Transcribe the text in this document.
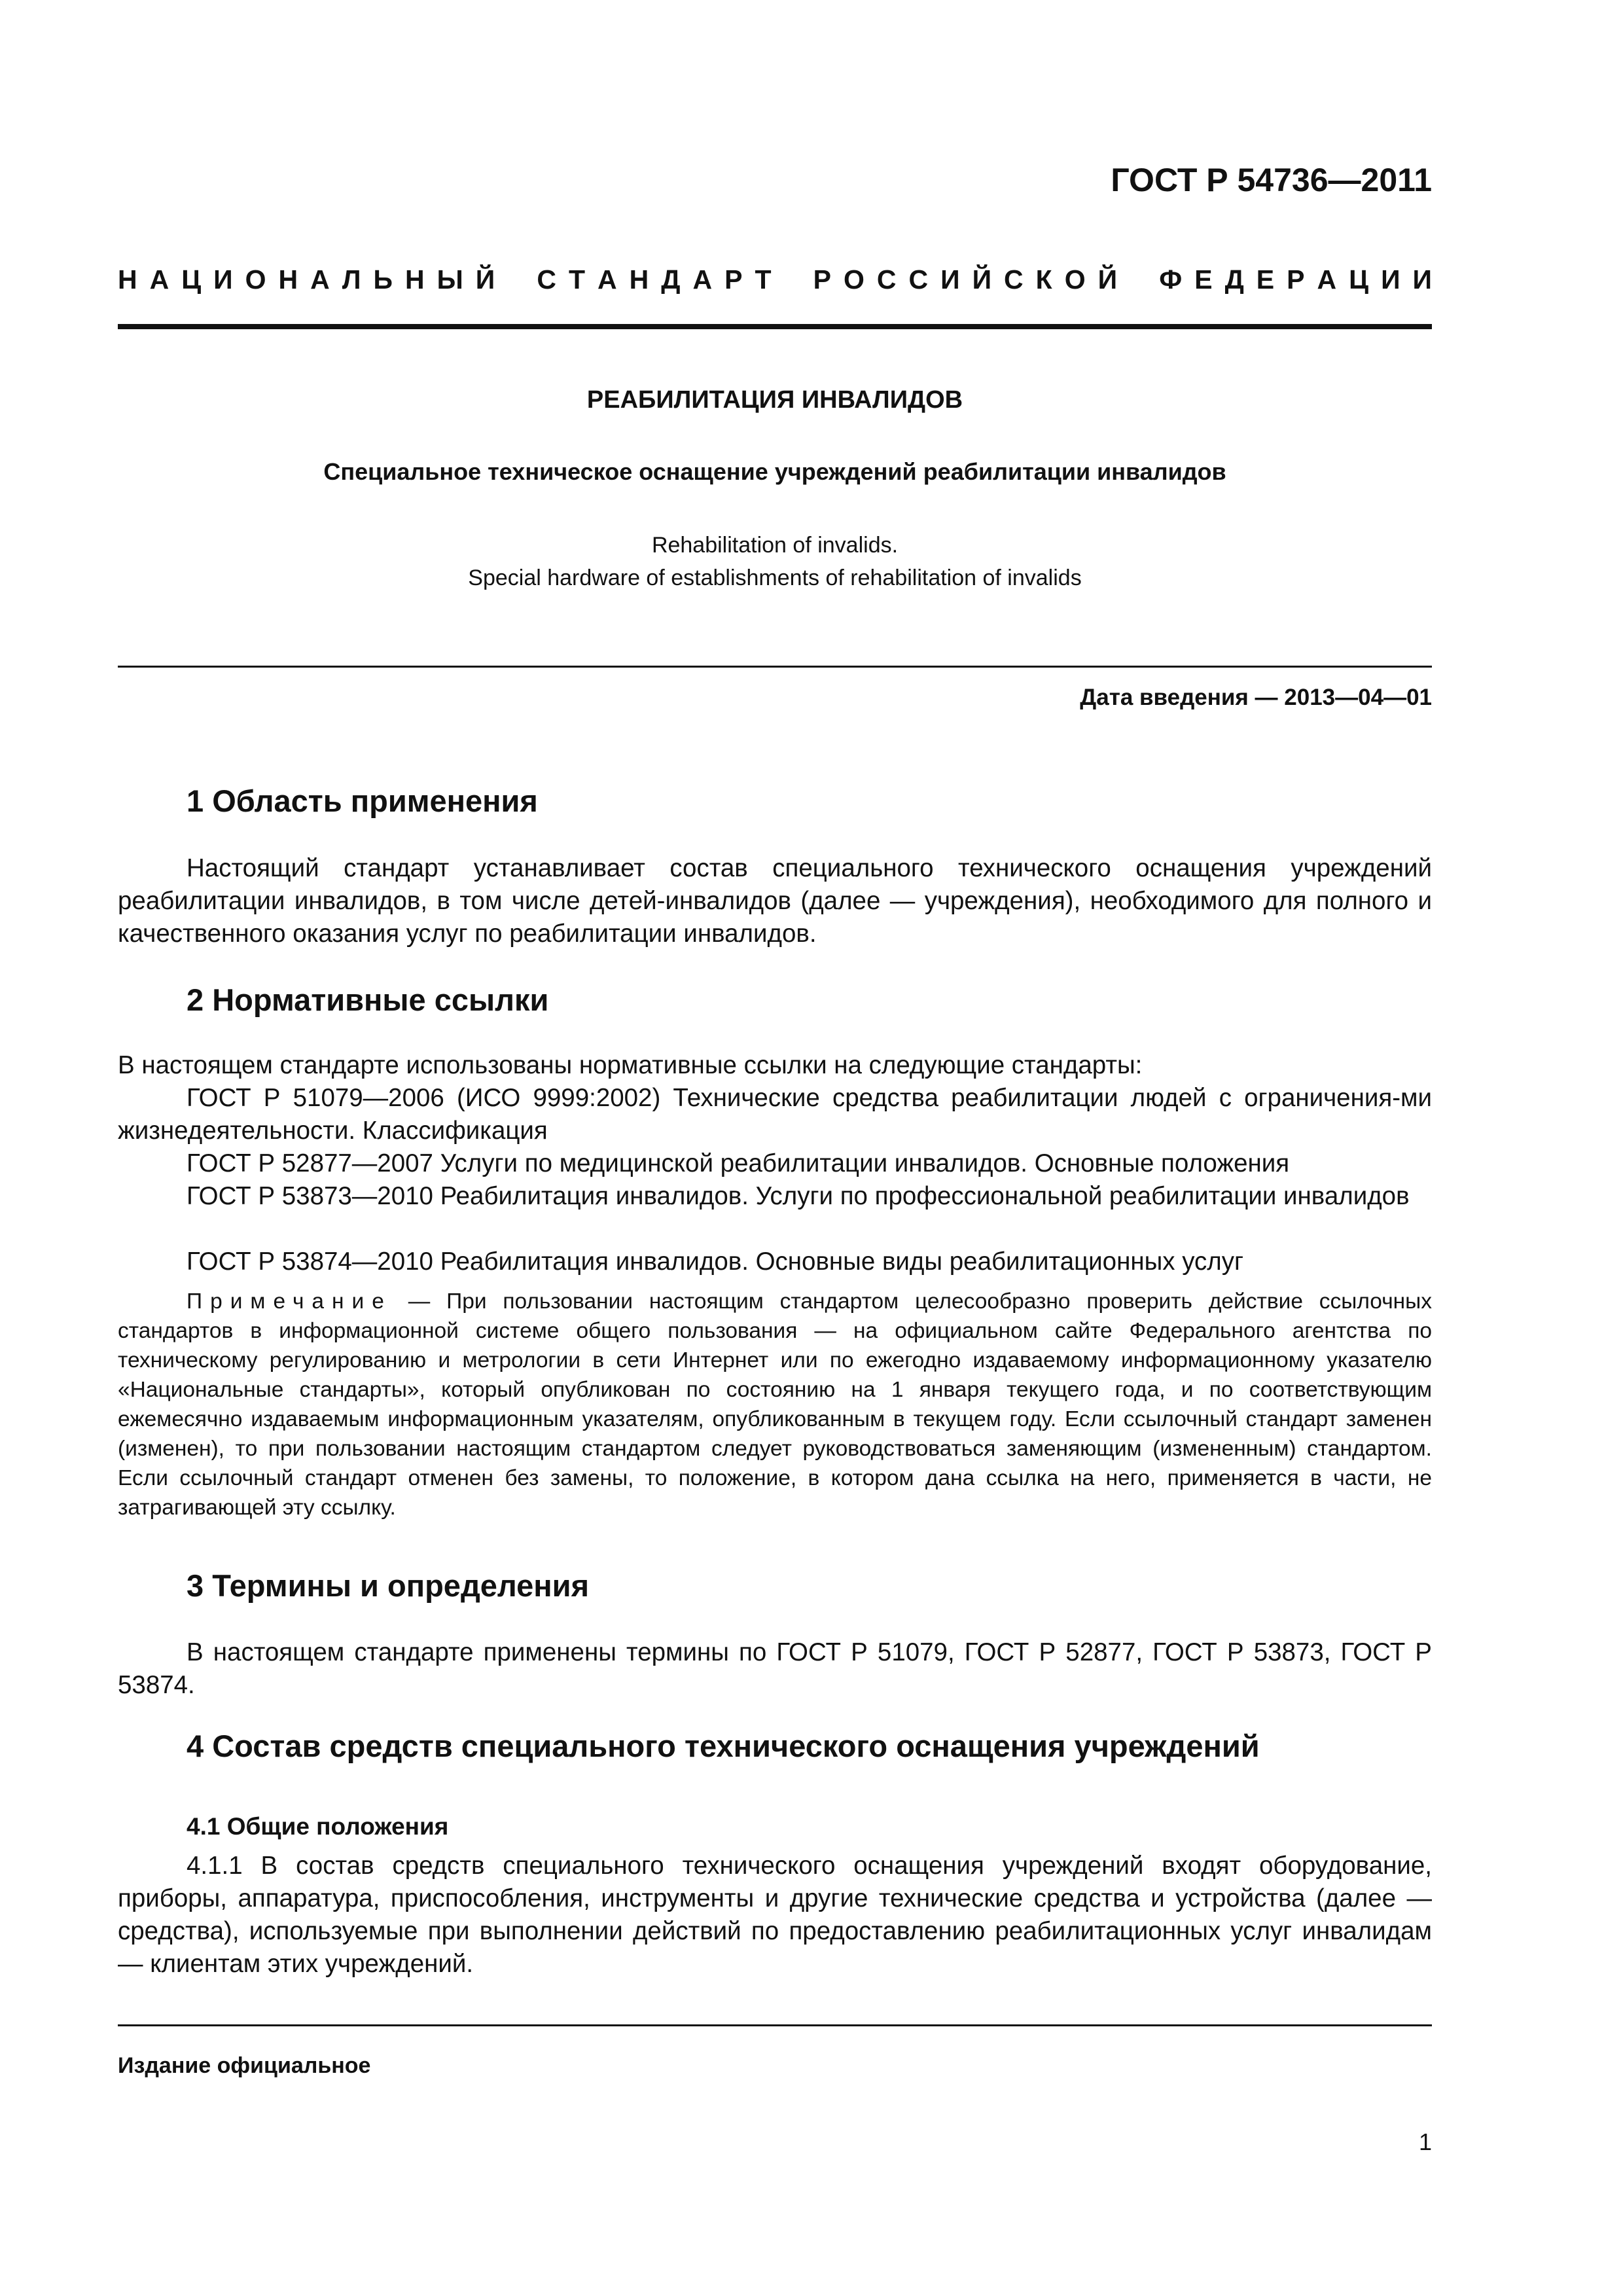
ГОСТ Р 54736—2011
Н А Ц И О Н А Л Ь Н Ы Й С Т А Н Д А Р Т Р О С С И Й С К О Й Ф Е Д Е Р А Ц И И
РЕАБИЛИТАЦИЯ ИНВАЛИДОВ
Специальное техническое оснащение учреждений реабилитации инвалидов
Rehabilitation of invalids.
Special hardware of establishments of rehabilitation of invalids
Дата введения — 2013—04—01
1 Область применения
Настоящий стандарт устанавливает состав специального технического оснащения учреждений реабилитации инвалидов, в том числе детей-инвалидов (далее — учреждения), необходимого для полного и качественного оказания услуг по реабилитации инвалидов.
2 Нормативные ссылки
В настоящем стандарте использованы нормативные ссылки на следующие стандарты:
ГОСТ Р 51079—2006 (ИСО 9999:2002) Технические средства реабилитации людей с ограничения-ми жизнедеятельности. Классификация
ГОСТ Р 52877—2007 Услуги по медицинской реабилитации инвалидов. Основные положения
ГОСТ Р 53873—2010 Реабилитация инвалидов. Услуги по профессиональной реабилитации инвалидов
ГОСТ Р 53874—2010 Реабилитация инвалидов. Основные виды реабилитационных услуг
Примечание — При пользовании настоящим стандартом целесообразно проверить действие ссылочных стандартов в информационной системе общего пользования — на официальном сайте Федерального агентства по техническому регулированию и метрологии в сети Интернет или по ежегодно издаваемому информационному указателю «Национальные стандарты», который опубликован по состоянию на 1 января текущего года, и по соответствующим ежемесячно издаваемым информационным указателям, опубликованным в текущем году. Если ссылочный стандарт заменен (изменен), то при пользовании настоящим стандартом следует руководствоваться заменяющим (измененным) стандартом. Если ссылочный стандарт отменен без замены, то положение, в котором дана ссылка на него, применяется в части, не затрагивающей эту ссылку.
3 Термины и определения
В настоящем стандарте применены термины по ГОСТ Р 51079, ГОСТ Р 52877, ГОСТ Р 53873, ГОСТ Р 53874.
4 Состав средств специального технического оснащения учреждений
4.1 Общие положения
4.1.1 В состав средств специального технического оснащения учреждений входят оборудование, приборы, аппаратура, приспособления, инструменты и другие технические средства и устройства (далее — средства), используемые при выполнении действий по предоставлению реабилитационных услуг инвалидам — клиентам этих учреждений.
Издание официальное
1
